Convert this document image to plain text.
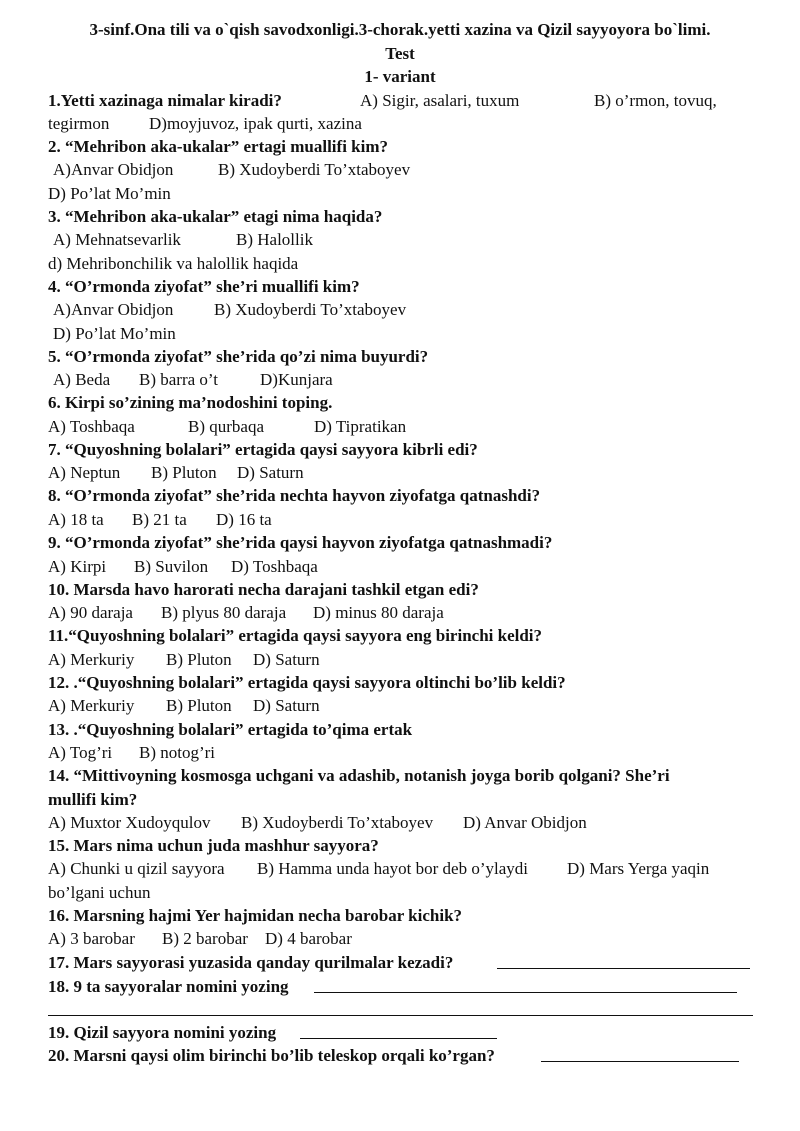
3-sinf.Ona tili va o`qish savodxonligi.3-chorak.yetti xazina va Qizil sayyoyora bo`limi.
Test
1- variant
1.Yetti xazinaga nimalar kiradi?	A) Sigir, asalari, tuxum	B) o’rmon, tovuq,
tegirmon D)moyjuvoz, ipak qurti, xazina
2. “Mehribon aka-ukalar” ertagi muallifi kim?
A)Anvar Obidjon	B) Xudoyberdi To’xtaboyev
D) Po’lat Mo’min
3. “Mehribon aka-ukalar” etagi nima haqida?
A) Mehnatsevarlik	B) Halollik
d) Mehribonchilik va halollik haqida
4. “O’rmonda ziyofat” she’ri muallifi kim?
A)Anvar Obidjon B) Xudoyberdi To’xtaboyev
D) Po’lat Mo’min
5. “O’rmonda ziyofat” she’rida qo’zi nima buyurdi?
A) Beda B) barra o’t D)Kunjara
6. Kirpi so’zining ma’nodoshini toping.
A) Toshbaqa	B) qurbaqa	D) Tipratikan
7. “Quyoshning bolalari” ertagida qaysi sayyora kibrli edi?
A) Neptun B) Pluton D) Saturn
8. “O’rmonda ziyofat” she’rida nechta hayvon ziyofatga qatnashdi?
A) 18 ta B) 21 ta D) 16 ta
9. “O’rmonda ziyofat” she’rida qaysi hayvon ziyofatga qatnashmadi?
A) Kirpi B) Suvilon D) Toshbaqa
10. Marsda havo harorati necha darajani tashkil etgan edi?
A) 90 daraja B) plyus 80 daraja D) minus 80 daraja
11.“Quyoshning bolalari” ertagida qaysi sayyora eng birinchi keldi?
A) Merkuriy B) Pluton D) Saturn
12. .“Quyoshning bolalari” ertagida qaysi sayyora oltinchi bo’lib keldi?
A) Merkuriy B) Pluton D) Saturn
13. .“Quyoshning bolalari” ertagida to’qima ertak
A) Tog’ri B) notog’ri
14. “Mittivoyning kosmosga uchgani va adashib, notanish joyga borib qolgani? She’ri
mullifi kim?
A) Muxtor Xudoyqulov B) Xudoyberdi To’xtaboyev D) Anvar Obidjon
15. Mars nima uchun juda mashhur sayyora?
A) Chunki u qizil sayyora B) Hamma unda hayot bor deb o’ylaydi D) Mars Yerga yaqin
bo’lgani uchun
16. Marsning hajmi Yer hajmidan necha barobar kichik?
A) 3 barobar B) 2 barobar D) 4 barobar
17. Mars sayyorasi yuzasida qanday qurilmalar kezadi?
18. 9 ta sayyoralar nomini yozing
19. Qizil sayyora nomini yozing
20. Marsni qaysi olim birinchi bo’lib teleskop orqali ko’rgan?
